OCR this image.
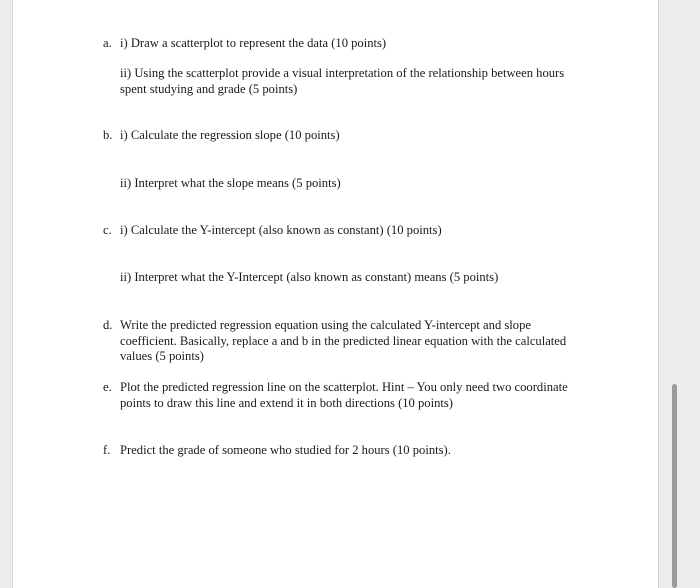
a. i) Draw a scatterplot to represent the data (10 points)

ii) Using the scatterplot provide a visual interpretation of the relationship between hours spent studying and grade (5 points)

b. i) Calculate the regression slope (10 points)

ii) Interpret what the slope means (5 points)

c. i) Calculate the Y-intercept (also known as constant) (10 points)

ii) Interpret what the Y-Intercept (also known as constant) means (5 points)

d. Write the predicted regression equation using the calculated Y-intercept and slope coefficient. Basically, replace a and b in the predicted linear equation with the calculated values (5 points)

e. Plot the predicted regression line on the scatterplot. Hint – You only need two coordinate points to draw this line and extend it in both directions (10 points)

f. Predict the grade of someone who studied for 2 hours (10 points).
